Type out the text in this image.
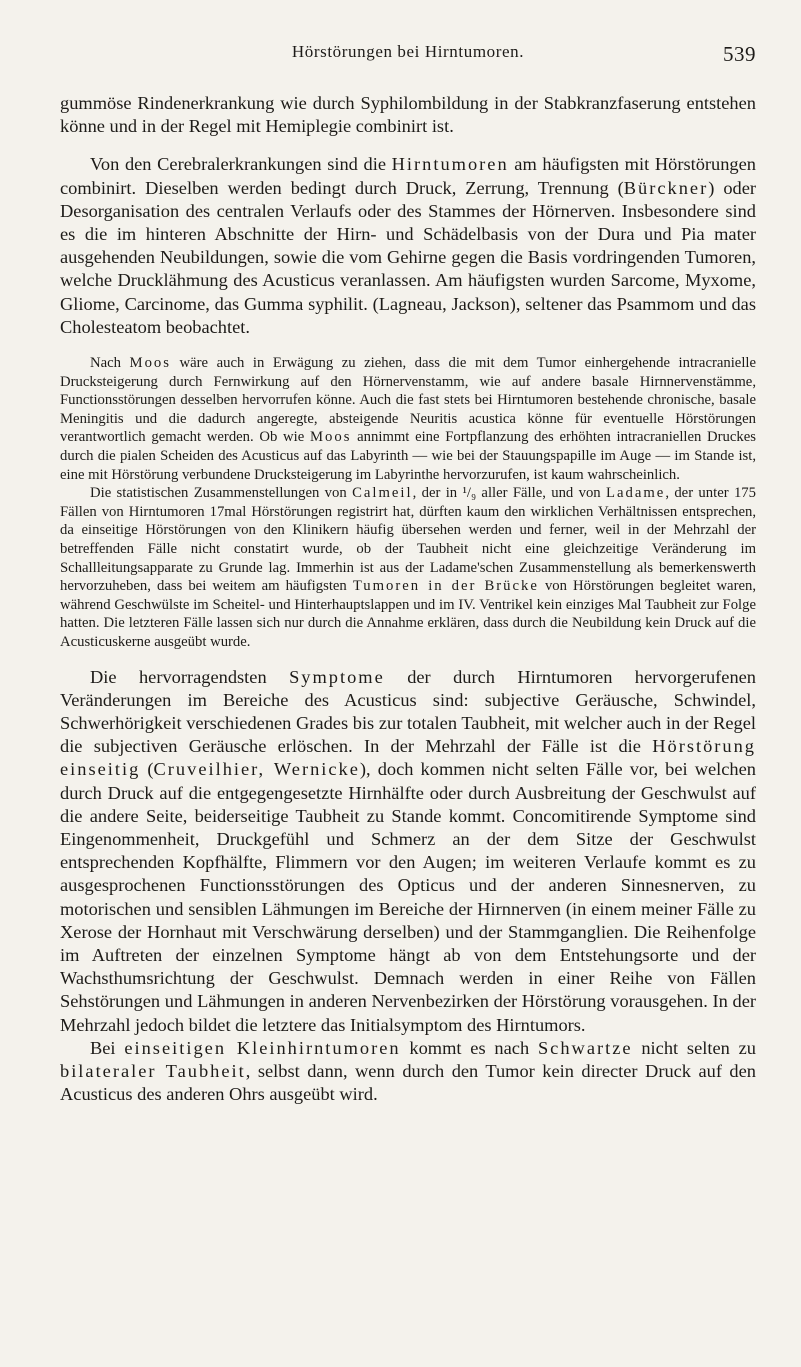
Hörstörungen bei Hirntumoren.	539

gummöse Rindenerkrankung wie durch Syphilombildung in der Stabkranzfaserung entstehen könne und in der Regel mit Hemiplegie combinirt ist.

Von den Cerebralerkrankungen sind die Hirntumoren am häufigsten mit Hörstörungen combinirt. Dieselben werden bedingt durch Druck, Zerrung, Trennung (Bürckner) oder Desorganisation des centralen Verlaufs oder des Stammes der Hörnerven. Insbesondere sind es die im hinteren Abschnitte der Hirn- und Schädelbasis von der Dura und Pia mater ausgehenden Neubildungen, sowie die vom Gehirne gegen die Basis vordringenden Tumoren, welche Drucklähmung des Acusticus veranlassen. Am häufigsten wurden Sarcome, Myxome, Gliome, Carcinome, das Gumma syphilit. (Lagneau, Jackson), seltener das Psammom und das Cholesteatom beobachtet.

Nach Moos wäre auch in Erwägung zu ziehen, dass die mit dem Tumor einhergehende intracranielle Drucksteigerung durch Fernwirkung auf den Hörnervenstamm, wie auf andere basale Hirnnervenstämme, Functionsstörungen desselben hervorrufen könne. Auch die fast stets bei Hirntumoren bestehende chronische, basale Meningitis und die dadurch angeregte, absteigende Neuritis acustica könne für eventuelle Hörstörungen verantwortlich gemacht werden. Ob wie Moos annimmt eine Fortpflanzung des erhöhten intracraniellen Druckes durch die pialen Scheiden des Acusticus auf das Labyrinth — wie bei der Stauungspapille im Auge — im Stande ist, eine mit Hörstörung verbundene Drucksteigerung im Labyrinthe hervorzurufen, ist kaum wahrscheinlich.

Die statistischen Zusammenstellungen von Calmeil, der in ¹/₉ aller Fälle, und von Ladame, der unter 175 Fällen von Hirntumoren 17mal Hörstörungen registrirt hat, dürften kaum den wirklichen Verhältnissen entsprechen, da einseitige Hörstörungen von den Klinikern häufig übersehen werden und ferner, weil in der Mehrzahl der betreffenden Fälle nicht constatirt wurde, ob der Taubheit nicht eine gleichzeitige Veränderung im Schallleitungsapparate zu Grunde lag. Immerhin ist aus der Ladame'schen Zusammenstellung als bemerkenswerth hervorzuheben, dass bei weitem am häufigsten Tumoren in der Brücke von Hörstörungen begleitet waren, während Geschwülste im Scheitel- und Hinterhauptslappen und im IV. Ventrikel kein einziges Mal Taubheit zur Folge hatten. Die letzteren Fälle lassen sich nur durch die Annahme erklären, dass durch die Neubildung kein Druck auf die Acusticuskerne ausgeübt wurde.

Die hervorragendsten Symptome der durch Hirntumoren hervorgerufenen Veränderungen im Bereiche des Acusticus sind: subjective Geräusche, Schwindel, Schwerhörigkeit verschiedenen Grades bis zur totalen Taubheit, mit welcher auch in der Regel die subjectiven Geräusche erlöschen. In der Mehrzahl der Fälle ist die Hörstörung einseitig (Cruveilhier, Wernicke), doch kommen nicht selten Fälle vor, bei welchen durch Druck auf die entgegengesetzte Hirnhälfte oder durch Ausbreitung der Geschwulst auf die andere Seite, beiderseitige Taubheit zu Stande kommt. Concomitirende Symptome sind Eingenommenheit, Druckgefühl und Schmerz an der dem Sitze der Geschwulst entsprechenden Kopfhälfte, Flimmern vor den Augen; im weiteren Verlaufe kommt es zu ausgesprochenen Functionsstörungen des Opticus und der anderen Sinnesnerven, zu motorischen und sensiblen Lähmungen im Bereiche der Hirnnerven (in einem meiner Fälle zu Xerose der Hornhaut mit Verschwärung derselben) und der Stammganglien. Die Reihenfolge im Auftreten der einzelnen Symptome hängt ab von dem Entstehungsorte und der Wachsthumsrichtung der Geschwulst. Demnach werden in einer Reihe von Fällen Sehstörungen und Lähmungen in anderen Nervenbezirken der Hörstörung vorausgehen. In der Mehrzahl jedoch bildet die letztere das Initialsymptom des Hirntumors.

Bei einseitigen Kleinhirntumoren kommt es nach Schwartze nicht selten zu bilateraler Taubheit, selbst dann, wenn durch den Tumor kein directer Druck auf den Acusticus des anderen Ohrs ausgeübt wird.
